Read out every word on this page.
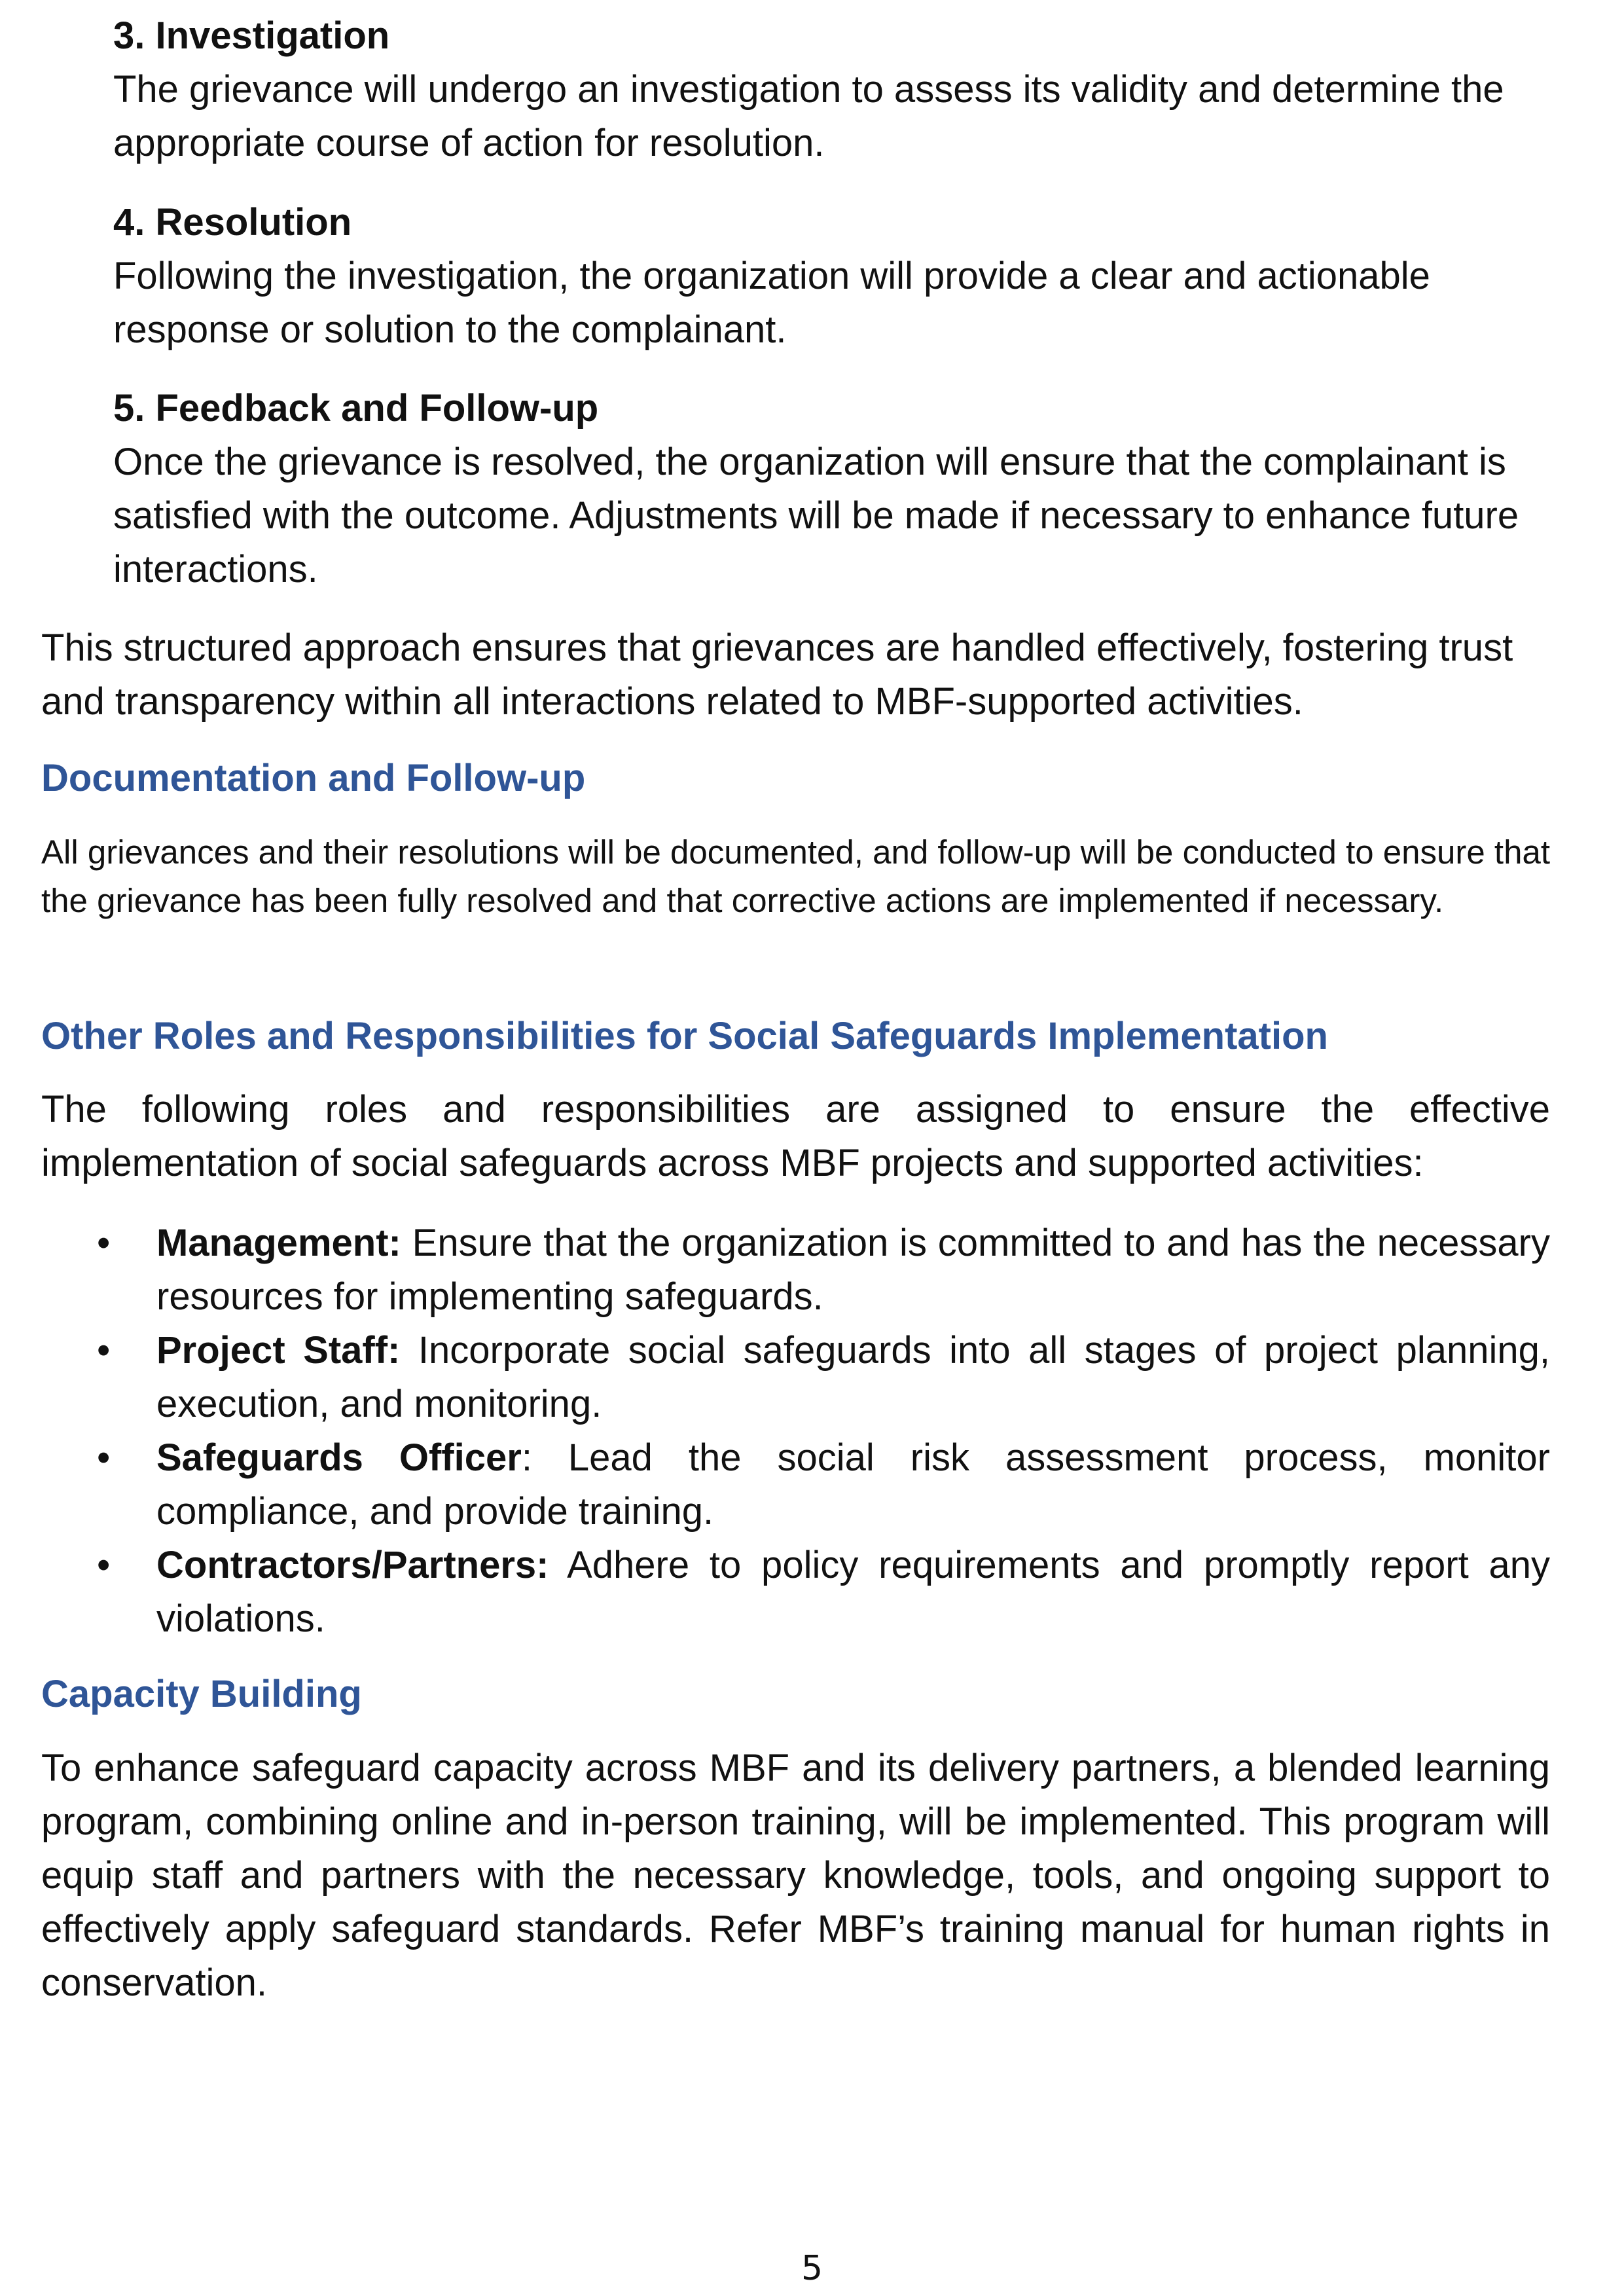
3. Investigation

The grievance will undergo an investigation to assess its validity and determine the appropriate course of action for resolution.

4. Resolution

Following the investigation, the organization will provide a clear and actionable response or solution to the complainant.

5. Feedback and Follow-up

Once the grievance is resolved, the organization will ensure that the complainant is satisfied with the outcome. Adjustments will be made if necessary to enhance future interactions.

This structured approach ensures that grievances are handled effectively, fostering trust and transparency within all interactions related to MBF-supported activities.

Documentation and Follow-up

All grievances and their resolutions will be documented, and follow-up will be conducted to ensure that the grievance has been fully resolved and that corrective actions are implemented if necessary.

Other Roles and Responsibilities for Social Safeguards Implementation

The following roles and responsibilities are assigned to ensure the effective implementation of social safeguards across MBF projects and supported activities:

• Management: Ensure that the organization is committed to and has the necessary resources for implementing safeguards.
• Project Staff: Incorporate social safeguards into all stages of project planning, execution, and monitoring.
• Safeguards Officer: Lead the social risk assessment process, monitor compliance, and provide training.
• Contractors/Partners: Adhere to policy requirements and promptly report any violations.
Capacity Building

To enhance safeguard capacity across MBF and its delivery partners, a blended learning program, combining online and in-person training, will be implemented. This program will equip staff and partners with the necessary knowledge, tools, and ongoing support to effectively apply safeguard standards. Refer MBF’s training manual for human rights in conservation.

5
